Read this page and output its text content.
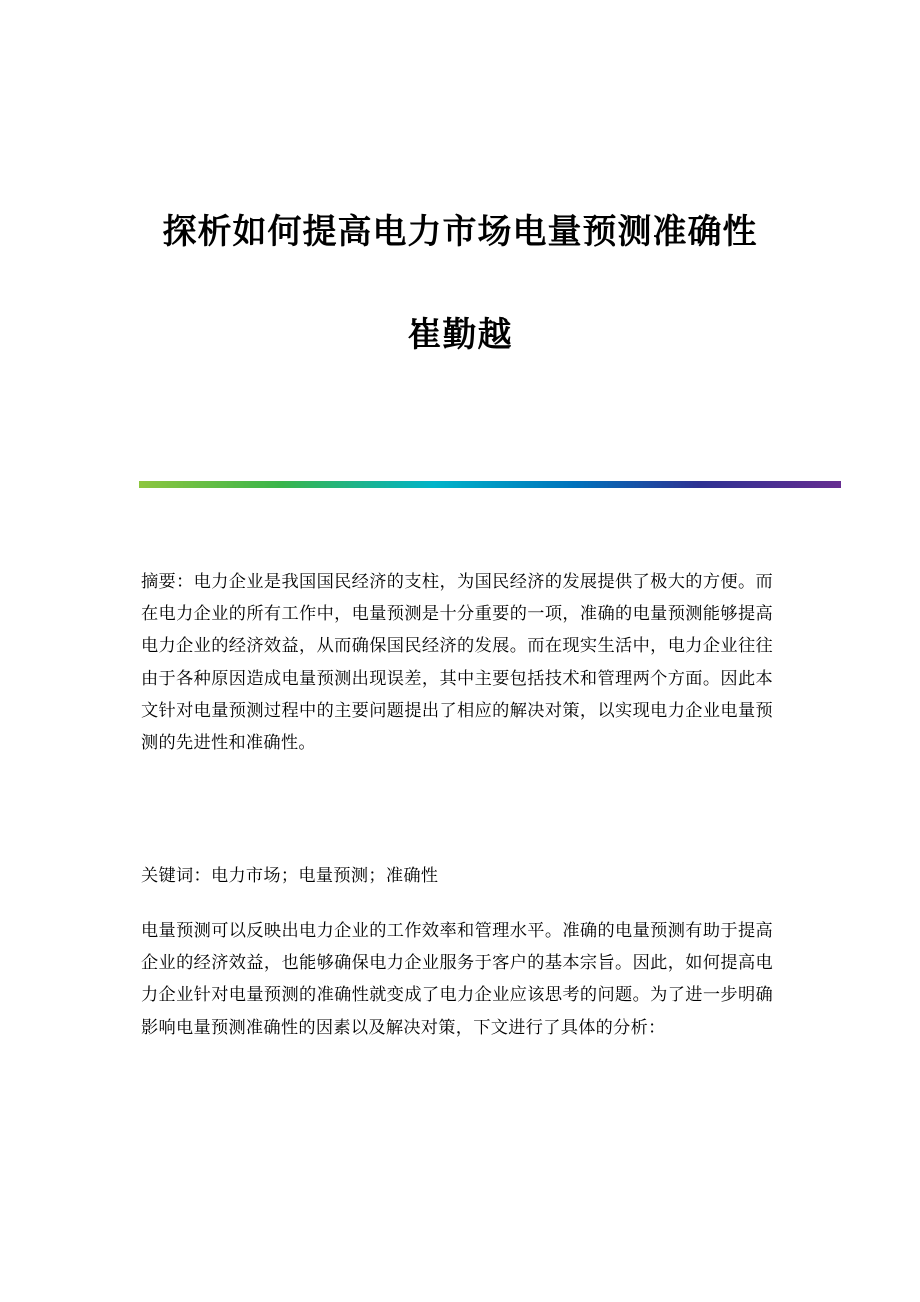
探析如何提高电力市场电量预测准确性
崔勤越

摘要：电力企业是我国国民经济的支柱，为国民经济的发展提供了极大的方便。而在电力企业的所有工作中，电量预测是十分重要的一项，准确的电量预测能够提高电力企业的经济效益，从而确保国民经济的发展。而在现实生活中，电力企业往往由于各种原因造成电量预测出现误差，其中主要包括技术和管理两个方面。因此本文针对电量预测过程中的主要问题提出了相应的解决对策，以实现电力企业电量预测的先进性和准确性。

关键词：电力市场；电量预测；准确性

电量预测可以反映出电力企业的工作效率和管理水平。准确的电量预测有助于提高企业的经济效益，也能够确保电力企业服务于客户的基本宗旨。因此，如何提高电力企业针对电量预测的准确性就变成了电力企业应该思考的问题。为了进一步明确影响电量预测准确性的因素以及解决对策，下文进行了具体的分析：
